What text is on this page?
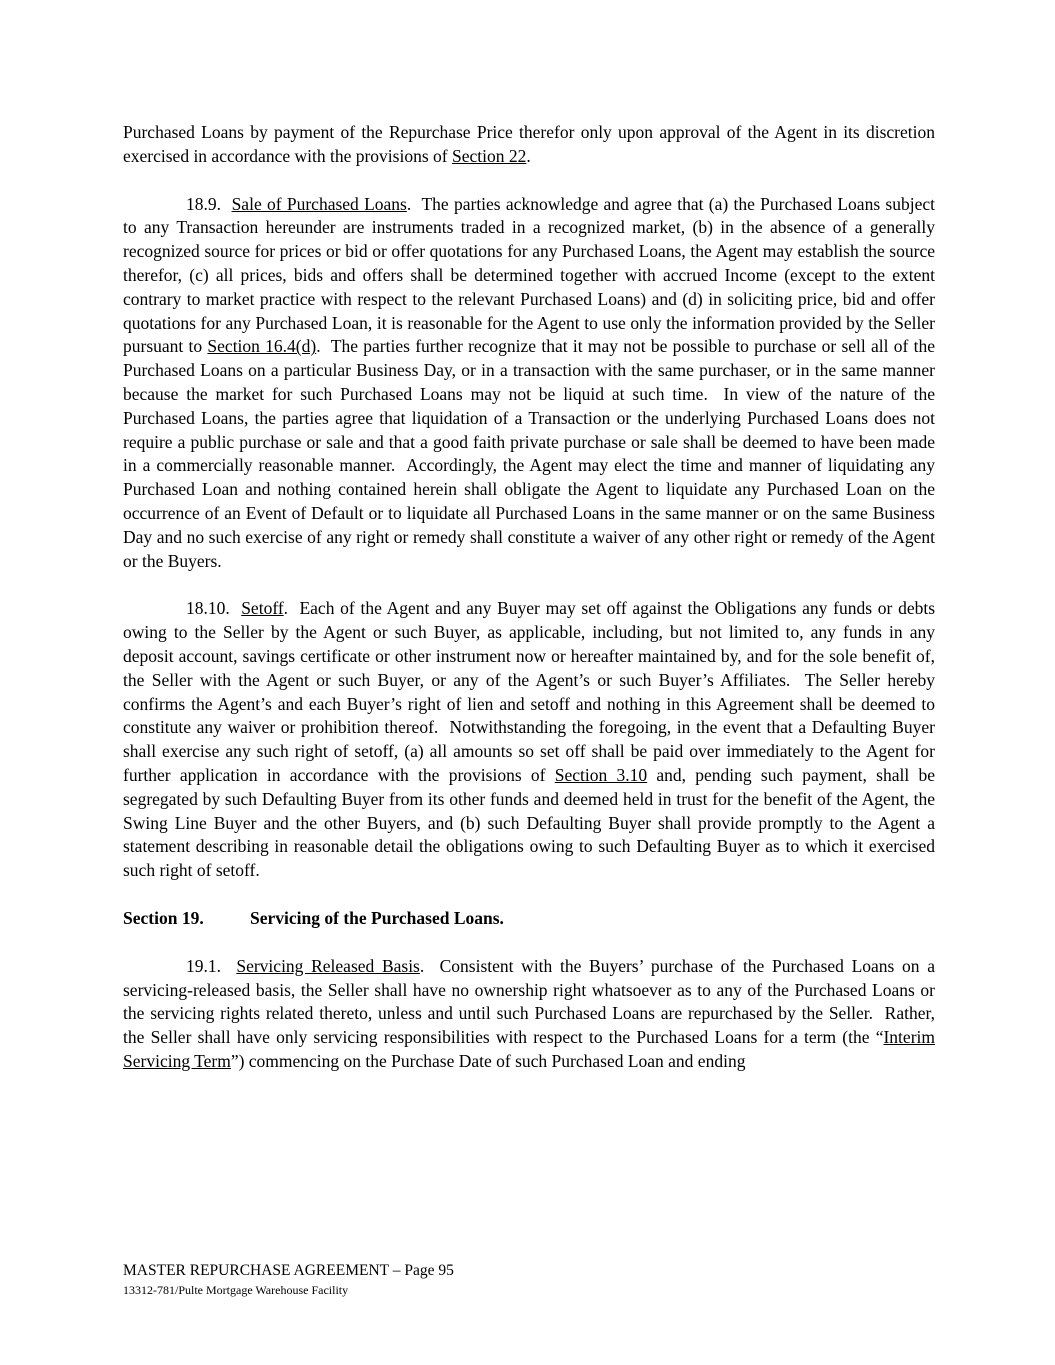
Purchased Loans by payment of the Repurchase Price therefor only upon approval of the Agent in its discretion exercised in accordance with the provisions of Section 22.

18.9.  Sale of Purchased Loans.  The parties acknowledge and agree that (a) the Purchased Loans subject to any Transaction hereunder are instruments traded in a recognized market, (b) in the absence of a generally recognized source for prices or bid or offer quotations for any Purchased Loans, the Agent may establish the source therefor, (c) all prices, bids and offers shall be determined together with accrued Income (except to the extent contrary to market practice with respect to the relevant Purchased Loans) and (d) in soliciting price, bid and offer quotations for any Purchased Loan, it is reasonable for the Agent to use only the information provided by the Seller pursuant to Section 16.4(d).  The parties further recognize that it may not be possible to purchase or sell all of the Purchased Loans on a particular Business Day, or in a transaction with the same purchaser, or in the same manner because the market for such Purchased Loans may not be liquid at such time.  In view of the nature of the Purchased Loans, the parties agree that liquidation of a Transaction or the underlying Purchased Loans does not require a public purchase or sale and that a good faith private purchase or sale shall be deemed to have been made in a commercially reasonable manner.  Accordingly, the Agent may elect the time and manner of liquidating any Purchased Loan and nothing contained herein shall obligate the Agent to liquidate any Purchased Loan on the occurrence of an Event of Default or to liquidate all Purchased Loans in the same manner or on the same Business Day and no such exercise of any right or remedy shall constitute a waiver of any other right or remedy of the Agent or the Buyers.

18.10.  Setoff.  Each of the Agent and any Buyer may set off against the Obligations any funds or debts owing to the Seller by the Agent or such Buyer, as applicable, including, but not limited to, any funds in any deposit account, savings certificate or other instrument now or hereafter maintained by, and for the sole benefit of, the Seller with the Agent or such Buyer, or any of the Agent’s or such Buyer’s Affiliates.  The Seller hereby confirms the Agent’s and each Buyer’s right of lien and setoff and nothing in this Agreement shall be deemed to constitute any waiver or prohibition thereof.  Notwithstanding the foregoing, in the event that a Defaulting Buyer shall exercise any such right of setoff, (a) all amounts so set off shall be paid over immediately to the Agent for further application in accordance with the provisions of Section 3.10 and, pending such payment, shall be segregated by such Defaulting Buyer from its other funds and deemed held in trust for the benefit of the Agent, the Swing Line Buyer and the other Buyers, and (b) such Defaulting Buyer shall provide promptly to the Agent a statement describing in reasonable detail the obligations owing to such Defaulting Buyer as to which it exercised such right of setoff.

Section 19.	Servicing of the Purchased Loans.

19.1.  Servicing Released Basis.  Consistent with the Buyers’ purchase of the Purchased Loans on a servicing-released basis, the Seller shall have no ownership right whatsoever as to any of the Purchased Loans or the servicing rights related thereto, unless and until such Purchased Loans are repurchased by the Seller.  Rather, the Seller shall have only servicing responsibilities with respect to the Purchased Loans for a term (the “Interim Servicing Term”) commencing on the Purchase Date of such Purchased Loan and ending

MASTER REPURCHASE AGREEMENT – Page 95
13312-781/Pulte Mortgage Warehouse Facility
